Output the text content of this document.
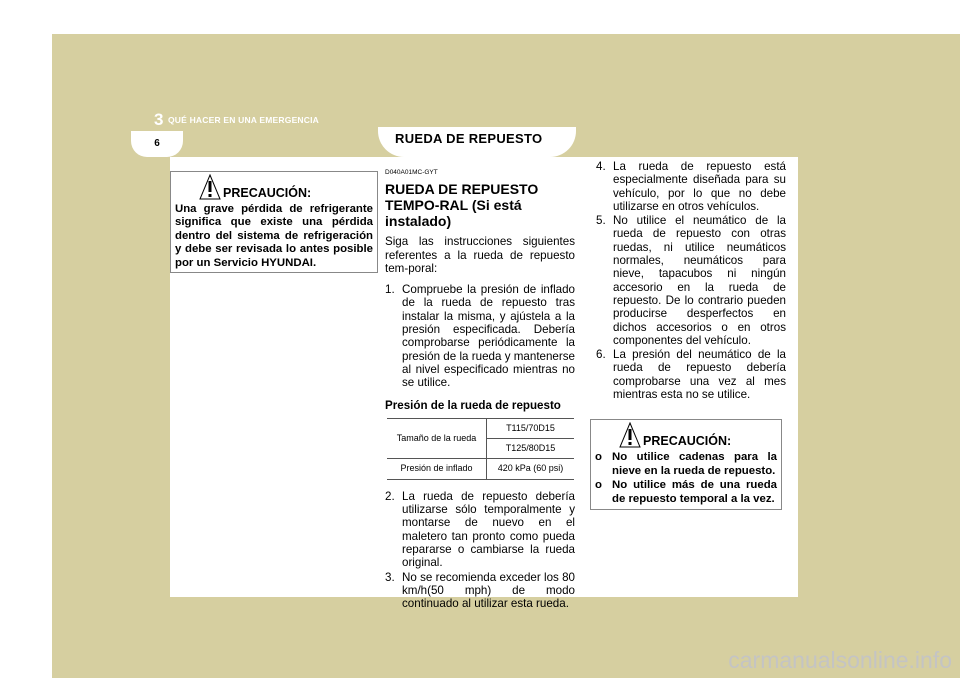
3 QUÉ HACER EN UNA EMERGENCIA
6	RUEDA DE REPUESTO
PRECAUCIÓN:
Una grave pérdida de refrigerante significa que existe una pérdida dentro del sistema de refrigeración y debe ser revisada lo antes posible por un Servicio HYUNDAI.
D040A01MC-GYT
RUEDA DE REPUESTO TEMPO-RAL (Si está instalado)
Siga las instrucciones siguientes referentes a la rueda de repuesto tem-poral:
1. Compruebe la presión de inflado de la rueda de repuesto tras instalar la misma, y ajústela a la presión especificada. Debería comprobarse periódicamente la presión de la rueda y mantenerse al nivel especificado mientras no se utilice.
Presión de la rueda de repuesto
Tamaño de la rueda	T115/70D15
	T125/80D15
Presión de inflado	420 kPa (60 psi)
2. La rueda de repuesto debería utilizarse sólo temporalmente y montarse de nuevo en el maletero tan pronto como pueda repararse o cambiarse la rueda original.
3. No se recomienda exceder los 80 km/h(50 mph) de modo continuado al utilizar esta rueda.
4. La rueda de repuesto está especialmente diseñada para su vehículo, por lo que no debe utilizarse en otros vehículos.
5. No utilice el neumático de la rueda de repuesto con otras ruedas, ni utilice neumáticos normales, neumáticos para nieve, tapacubos ni ningún accesorio en la rueda de repuesto. De lo contrario pueden producirse desperfectos en dichos accesorios o en otros componentes del vehículo.
6. La presión del neumático de la rueda de repuesto debería comprobarse una vez al mes mientras esta no se utilice.
PRECAUCIÓN:
o No utilice cadenas para la nieve en la rueda de repuesto.
o No utilice más de una rueda de repuesto temporal a la vez.
carmanualsonline.info
